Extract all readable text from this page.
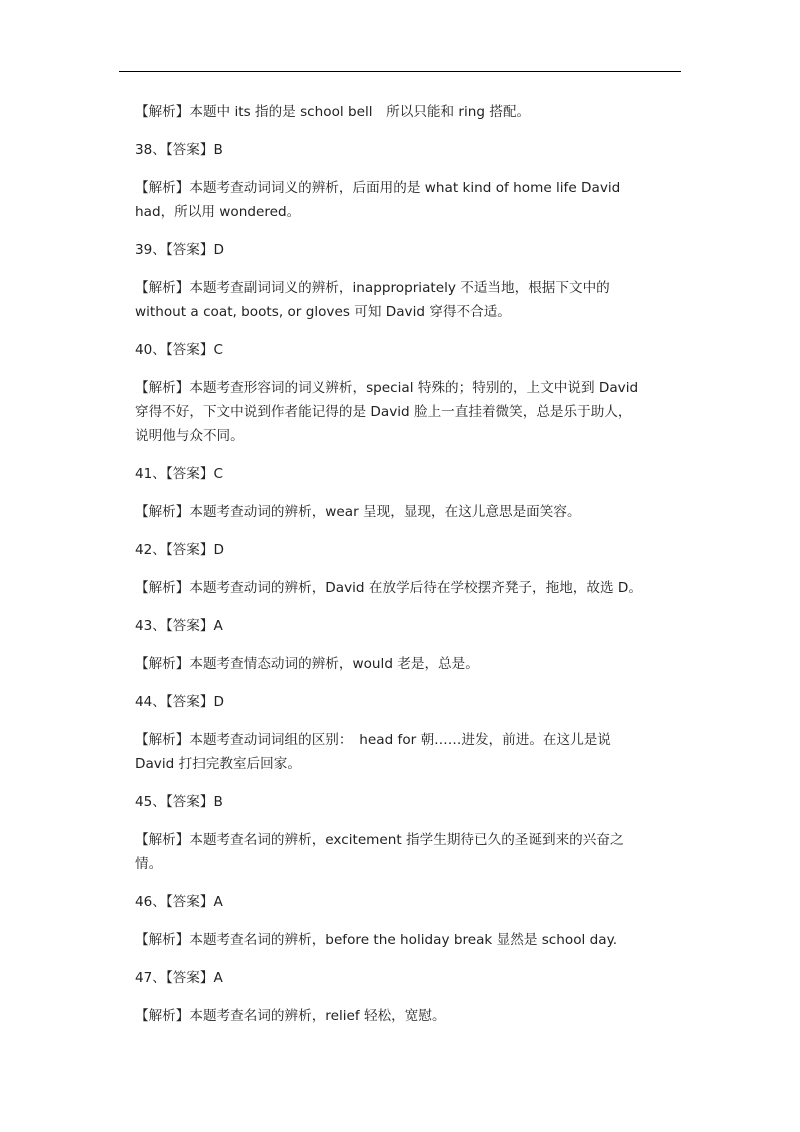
【解析】本题中 its 指的是 school bell　所以只能和 ring 搭配。
38、【答案】B
【解析】本题考查动词词义的辨析，后面用的是 what kind of home life David
had，所以用 wondered。
39、【答案】D
【解析】本题考查副词词义的辨析，inappropriately 不适当地，根据下文中的
without a coat, boots, or gloves 可知 David 穿得不合适。
40、【答案】C
【解析】本题考查形容词的词义辨析，special 特殊的；特别的，上文中说到 David
穿得不好，下文中说到作者能记得的是 David 脸上一直挂着微笑，总是乐于助人，
说明他与众不同。
41、【答案】C
【解析】本题考查动词的辨析，wear 呈现，显现，在这儿意思是面笑容。
42、【答案】D
【解析】本题考查动词的辨析，David 在放学后待在学校摆齐凳子，拖地，故选 D。
43、【答案】A
【解析】本题考查情态动词的辨析，would 老是，总是。
44、【答案】D
【解析】本题考查动词词组的区别：　head for 朝……进发，前进。在这儿是说
David 打扫完教室后回家。
45、【答案】B
【解析】本题考查名词的辨析，excitement 指学生期待已久的圣诞到来的兴奋之
情。
46、【答案】A
【解析】本题考查名词的辨析，before the holiday break 显然是 school day.
47、【答案】A
【解析】本题考查名词的辨析，relief 轻松，宽慰。
